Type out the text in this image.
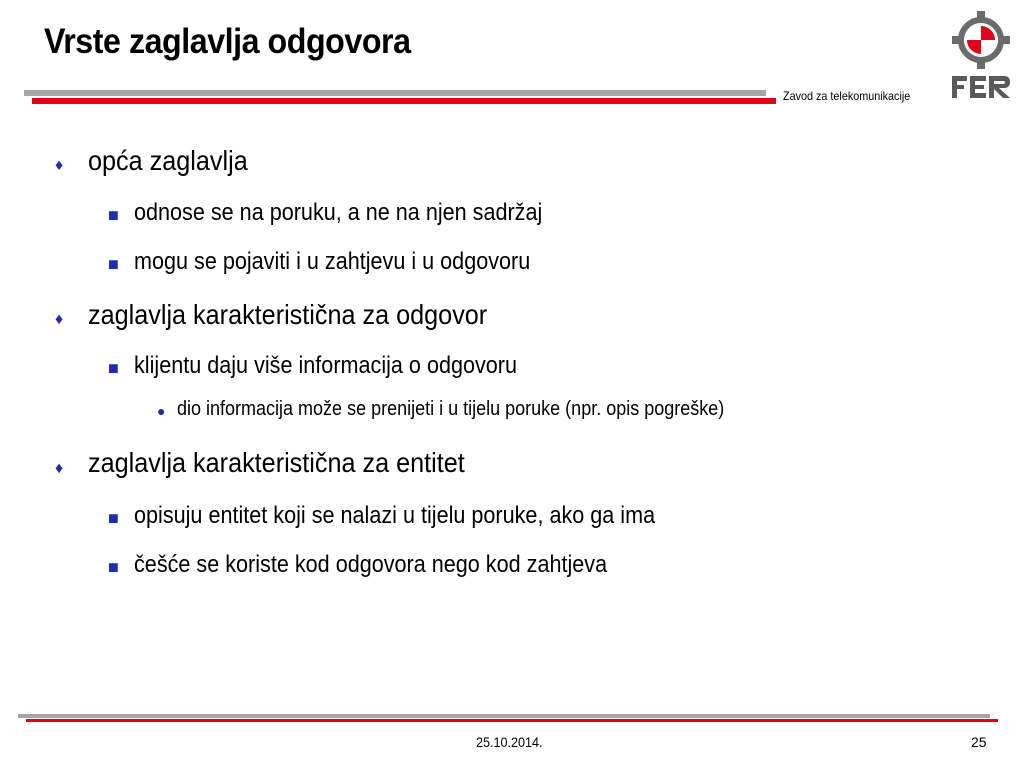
Vrste zaglavlja odgovora
Zavod za telekomunikacije
♦ opća zaglavlja
■ odnose se na poruku, a ne na njen sadržaj
■ mogu se pojaviti i u zahtjevu i u odgovoru
♦ zaglavlja karakteristična za odgovor
■ klijentu daju više informacija o odgovoru
● dio informacija može se prenijeti i u tijelu poruke (npr. opis pogreške)
♦ zaglavlja karakteristična za entitet
■ opisuju entitet koji se nalazi u tijelu poruke, ako ga ima
■ češće se koriste kod odgovora nego kod zahtjeva
25.10.2014.	25
